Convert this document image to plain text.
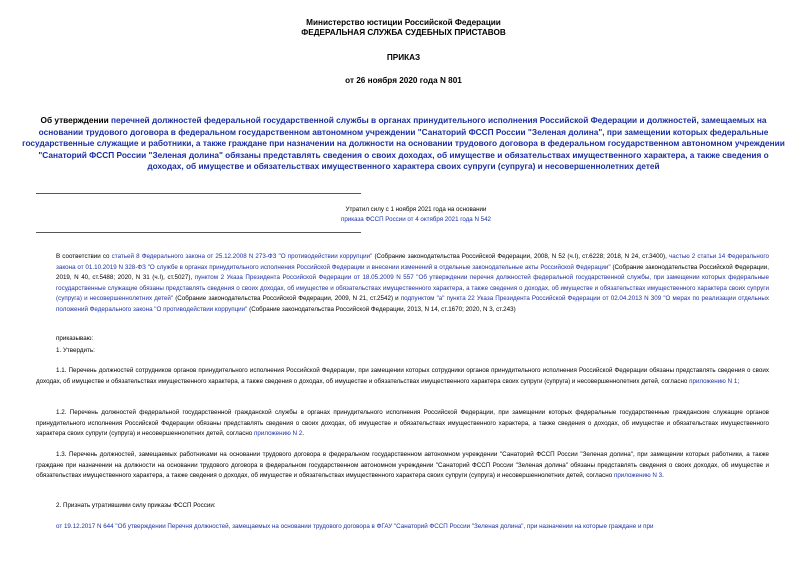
Министерство юстиции Российской Федерации
ФЕДЕРАЛЬНАЯ СЛУЖБА СУДЕБНЫХ ПРИСТАВОВ
ПРИКАЗ
от 26 ноября 2020 года N 801
Об утверждении перечней должностей федеральной государственной службы в органах принудительного исполнения Российской Федерации и должностей, замещаемых на основании трудового договора в федеральном государственном автономном учреждении "Санаторий ФССП России "Зеленая долина", при замещении которых федеральные государственные служащие и работники, а также граждане при назначении на должности на основании трудового договора в федеральном государственном автономном учреждении "Санаторий ФССП России "Зеленая долина" обязаны представлять сведения о своих доходах, об имуществе и обязательствах имущественного характера, а также сведения о доходах, об имуществе и обязательствах имущественного характера своих супруги (супруга) и несовершеннолетних детей
Утратил силу с 1 ноября 2021 года на основании
приказа ФССП России от 4 октября 2021 года N 542
В соответствии со статьей 8 Федерального закона от 25.12.2008 N 273-ФЗ "О противодействии коррупции" (Собрание законодательства Российской Федерации, 2008, N 52 (ч.I), ст.6228; 2018, N 24, ст.3400), частью 2 статьи 14 Федерального закона от 01.10.2019 N 328-ФЗ "О службе в органах принудительного исполнения Российской Федерации и внесении изменений в отдельные законодательные акты Российской Федерации" (Собрание законодательства Российской Федерации, 2019, N 40, ст.5488; 2020, N 31 (ч.I), ст.5027), пунктом 2 Указа Президента Российской Федерации от 18.05.2009 N 557 "Об утверждении перечня должностей федеральной государственной службы, при замещении которых федеральные государственные служащие обязаны представлять сведения о своих доходах, об имуществе и обязательствах имущественного характера, а также сведения о доходах, об имуществе и обязательствах имущественного характера своих супруги (супруга) и несовершеннолетних детей" (Собрание законодательства Российской Федерации, 2009, N 21, ст.2542) и подпунктом "а" пункта 22 Указа Президента Российской Федерации от 02.04.2013 N 309 "О мерах по реализации отдельных положений Федерального закона "О противодействии коррупции" (Собрание законодательства Российской Федерации, 2013, N 14, ст.1670; 2020, N 3, ст.243)
приказываю:
1. Утвердить:
1.1. Перечень должностей сотрудников органов принудительного исполнения Российской Федерации, при замещении которых сотрудники органов принудительного исполнения Российской Федерации обязаны представлять сведения о своих доходах, об имуществе и обязательствах имущественного характера, а также сведения о доходах, об имуществе и обязательствах имущественного характера своих супруги (супруга) и несовершеннолетних детей, согласно приложению N 1;
1.2. Перечень должностей федеральной государственной гражданской службы в органах принудительного исполнения Российской Федерации, при замещении которых федеральные государственные гражданские служащие органов принудительного исполнения Российской Федерации обязаны представлять сведения о своих доходах, об имуществе и обязательствах имущественного характера, а также сведения о доходах, об имуществе и обязательствах имущественного характера своих супруги (супруга) и несовершеннолетних детей, согласно приложению N 2.
1.3. Перечень должностей, замещаемых работниками на основании трудового договора в федеральном государственном автономном учреждении "Санаторий ФССП России "Зеленая долина", при замещении которых работники, а также граждане при назначении на должности на основании трудового договора в федеральном государственном автономном учреждении "Санаторий ФССП России "Зеленая долина" обязаны представлять сведения о своих доходах, об имуществе и обязательствах имущественного характера, а также сведения о доходах, об имуществе и обязательствах имущественного характера своих супруги (супруга) и несовершеннолетних детей, согласно приложению N 3.
2. Признать утратившими силу приказы ФССП России:
от 19.12.2017 N 644 "Об утверждении Перечня должностей, замещаемых на основании трудового договора в ФГАУ "Санаторий ФССП России "Зеленая долина", при назначении на которые граждане и при
